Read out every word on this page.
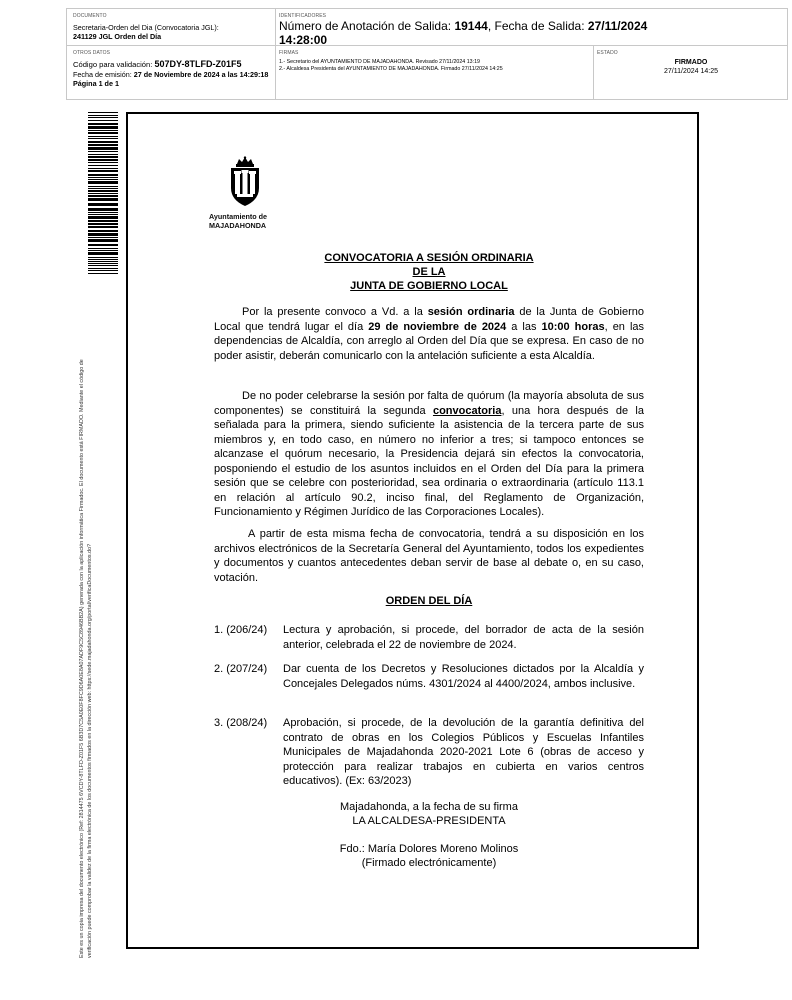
DOCUMENTO
Secretaria-Orden del Dia (Convocatoria JGL):
241129 JGL Orden del Día
IDENTIFICADORES
Número de Anotación de Salida: 19144, Fecha de Salida: 27/11/2024
14:28:00
OTROS DATOS
Código para validación: 507DY-8TLFD-Z01F5
Fecha de emisión: 27 de Noviembre de 2024 a las 14:29:18
Página 1 de 1
FIRMAS
1.- Secretario del AYUNTAMIENTO DE MAJADAHONDA. Revisado 27/11/2024 13:19
2.- Alcaldesa Presidenta del AYUNTAMIENTO DE MAJADAHONDA. Firmado 27/11/2024 14:25
ESTADO
FIRMADO
27/11/2024 14:25
Este es un copia impresa del documento electrónico (Ref: 2814475 6VCDY-8TLFD-Z01F5 6B3D7C5A0E0F8FC9D6A0E8A07ADF9C5C8946BB2A) generada con la aplicación informática Firmadoc. El documento está FIRMADO. Mediante el código de verificación puede comprobar la validez de la firma electrónica de los documentos firmados en la dirección web: https://sede.majadahonda.org/portal/verificaDocumentos.do?
Ayuntamiento de
MAJADAHONDA
CONVOCATORIA A SESIÓN ORDINARIA
DE LA
JUNTA DE GOBIERNO LOCAL
Por la presente convoco a Vd. a la sesión ordinaria de la Junta de Gobierno Local que tendrá lugar el día 29 de noviembre de 2024 a las 10:00 horas, en las dependencias de Alcaldía, con arreglo al Orden del Día que se expresa. En caso de no poder asistir, deberán comunicarlo con la antelación suficiente a esta Alcaldía.
De no poder celebrarse la sesión por falta de quórum (la mayoría absoluta de sus componentes) se constituirá la segunda convocatoria, una hora después de la señalada para la primera, siendo suficiente la asistencia de la tercera parte de sus miembros y, en todo caso, en número no inferior a tres; si tampoco entonces se alcanzase el quórum necesario, la Presidencia dejará sin efectos la convocatoria, posponiendo el estudio de los asuntos incluidos en el Orden del Día para la primera sesión que se celebre con posterioridad, sea ordinaria o extraordinaria (artículo 113.1 en relación al artículo 90.2, inciso final, del Reglamento de Organización, Funcionamiento y Régimen Jurídico de las Corporaciones Locales).
A partir de esta misma fecha de convocatoria, tendrá a su disposición en los archivos electrónicos de la Secretaría General del Ayuntamiento, todos los expedientes y documentos y cuantos antecedentes deban servir de base al debate o, en su caso, votación.
ORDEN DEL DÍA
1. (206/24)	Lectura y aprobación, si procede, del borrador de acta de la sesión anterior, celebrada el 22 de noviembre de 2024.
2. (207/24)	Dar cuenta de los Decretos y Resoluciones dictados por la Alcaldía y Concejales Delegados núms. 4301/2024 al 4400/2024, ambos inclusive.
3. (208/24)	Aprobación, si procede, de la devolución de la garantía definitiva del contrato de obras en los Colegios Públicos y Escuelas Infantiles Municipales de Majadahonda 2020-2021 Lote 6 (obras de acceso y protección para realizar trabajos en cubierta en varios centros educativos). (Ex: 63/2023)
Majadahonda, a la fecha de su firma
LA ALCALDESA-PRESIDENTA
Fdo.: María Dolores Moreno Molinos
(Firmado electrónicamente)
